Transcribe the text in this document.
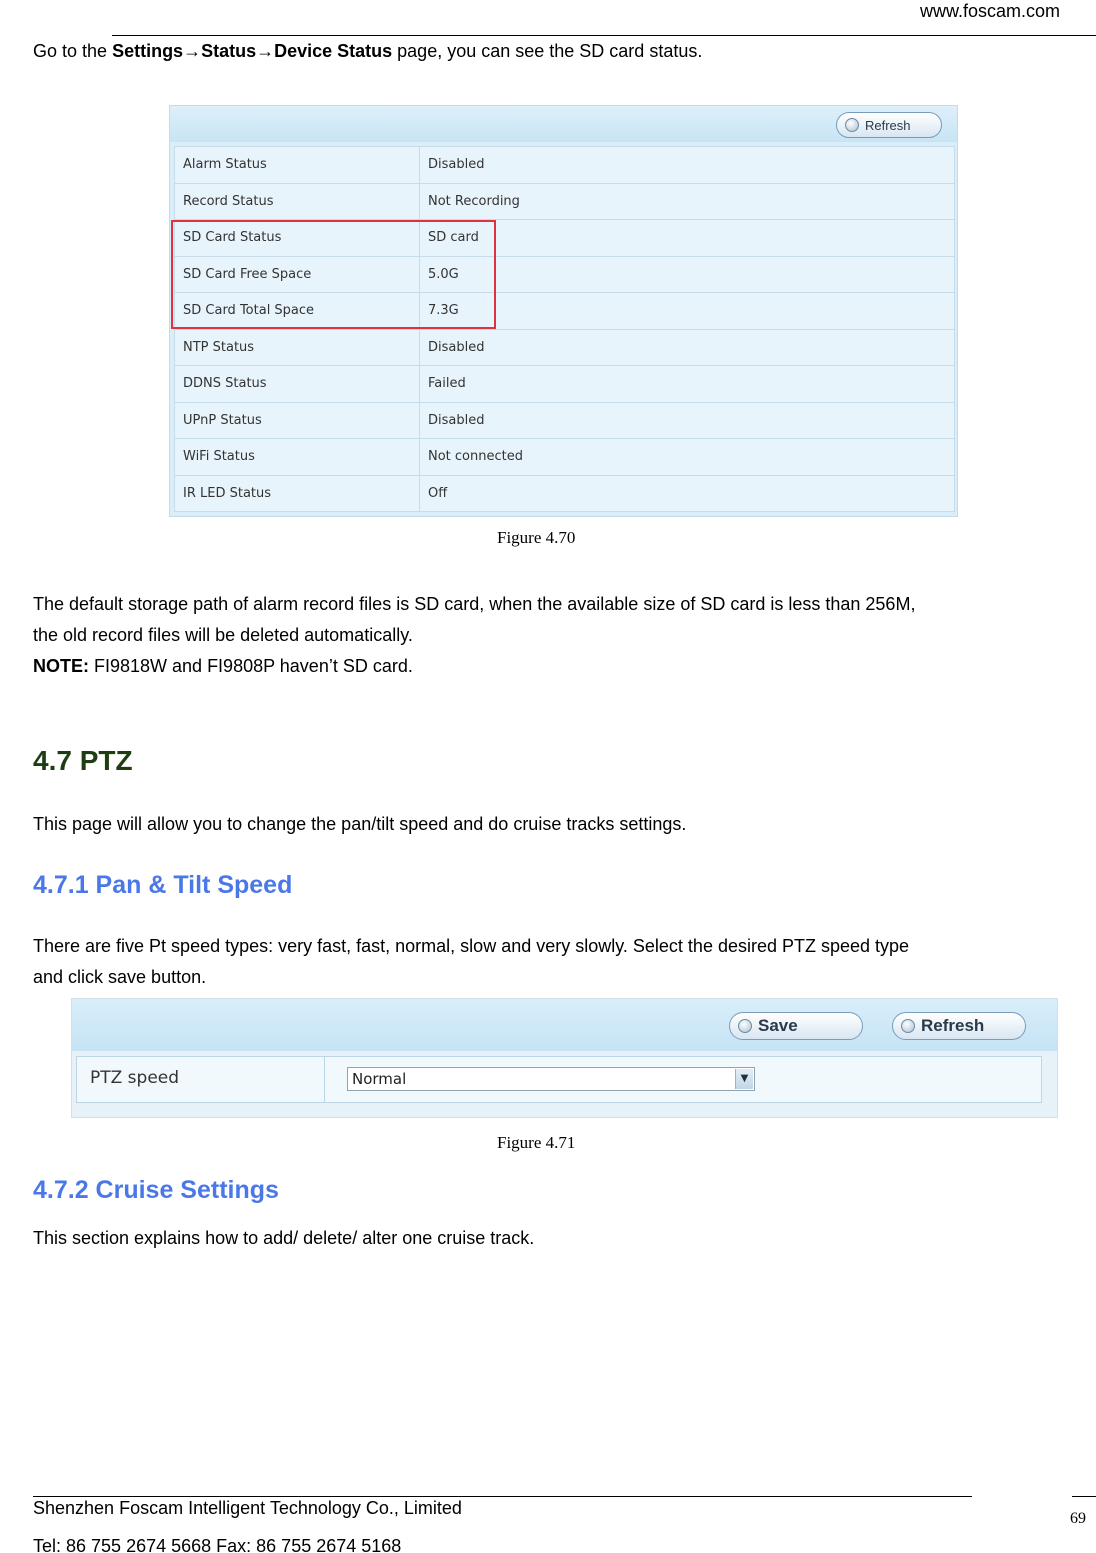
www.foscam.com
Go to the Settings→Status→Device Status page, you can see the SD card status.
Refresh
Alarm Status	Disabled
Record Status	Not Recording
SD Card Status	SD card
SD Card Free Space	5.0G
SD Card Total Space	7.3G
NTP Status	Disabled
DDNS Status	Failed
UPnP Status	Disabled
WiFi Status	Not connected
IR LED Status	Off
Figure 4.70
The default storage path of alarm record files is SD card, when the available size of SD card is less than 256M,
the old record files will be deleted automatically.
NOTE: FI9818W and FI9808P haven’t SD card.
4.7 PTZ
This page will allow you to change the pan/tilt speed and do cruise tracks settings.
4.7.1 Pan & Tilt Speed
There are five Pt speed types: very fast, fast, normal, slow and very slowly. Select the desired PTZ speed type
and click save button.
Save	Refresh
PTZ speed	Normal	▼
Figure 4.71
4.7.2 Cruise Settings
This section explains how to add/ delete/ alter one cruise track.
Shenzhen Foscam Intelligent Technology Co., Limited
Tel: 86 755 2674 5668 Fax: 86 755 2674 5168
69
